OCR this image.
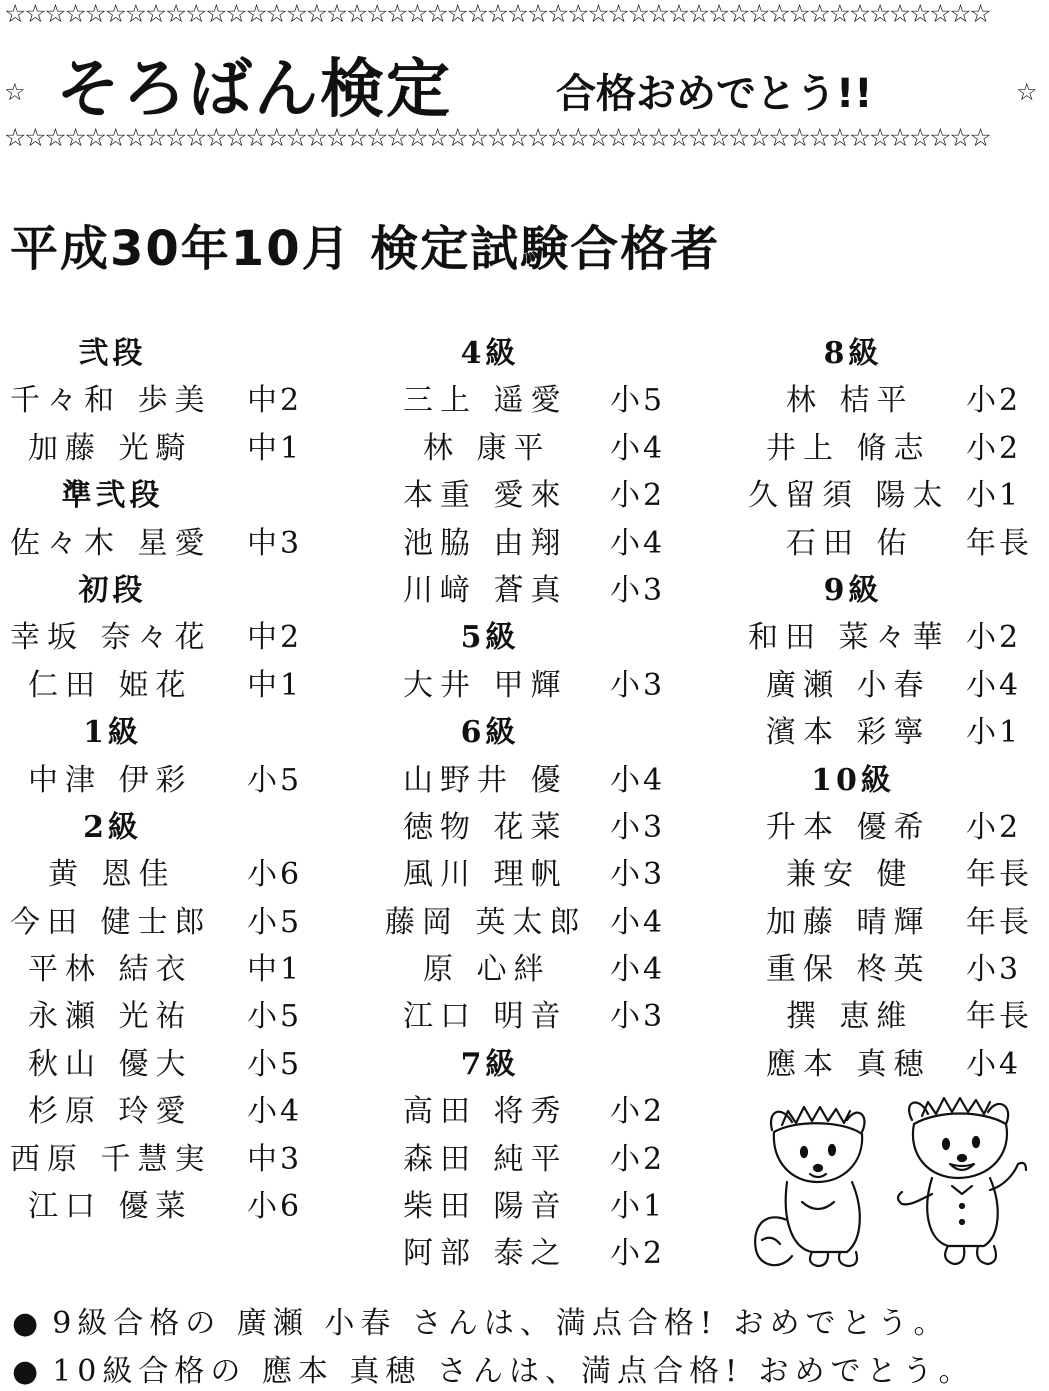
☆☆☆☆☆☆☆☆☆☆☆☆☆☆☆☆☆☆☆☆☆☆☆☆☆☆☆☆☆☆☆☆☆☆☆☆☆☆☆☆☆☆☆☆☆☆☆☆☆
☆ そろばん検定	合格おめでとう!!	☆
☆☆☆☆☆☆☆☆☆☆☆☆☆☆☆☆☆☆☆☆☆☆☆☆☆☆☆☆☆☆☆☆☆☆☆☆☆☆☆☆☆☆☆☆☆☆☆☆☆
平成30年10月 検定試験合格者
弐段
千々和 歩美 中2
加藤 光騎 中1
準弐段
佐々木 星愛 中3
初段
幸坂 奈々花 中2
仁田 姫花 中1
1級
中津 伊彩 小5
2級
黄 恩佳 小6
今田 健士郎 小5
平林 結衣 中1
永瀬 光祐 小5
秋山 優大 小5
杉原 玲愛 小4
西原 千慧実 中3
江口 優菜 小6
4級
三上 遥愛 小5
林 康平 小4
本重 愛來 小2
池脇 由翔 小4
川﨑 蒼真 小3
5級
大井 甲輝 小3
6級
山野井 優 小4
徳物 花菜 小3
風川 理帆 小3
藤岡 英太郎 小4
原 心絆 小4
江口 明音 小3
7級
高田 将秀 小2
森田 純平 小2
柴田 陽音 小1
阿部 泰之 小2
8級
林 桔平 小2
井上 脩志 小2
久留須 陽太 小1
石田 佑 年長
9級
和田 菜々華 小2
廣瀬 小春 小4
濱本 彩寧 小1
10級
升本 優希 小2
兼安 健 年長
加藤 晴輝 年長
重保 柊英 小3
撰 恵維 年長
應本 真穂 小4
●9級合格の 廣瀬 小春 さんは、満点合格! おめでとう。
●10級合格の 應本 真穂 さんは、満点合格! おめでとう。
